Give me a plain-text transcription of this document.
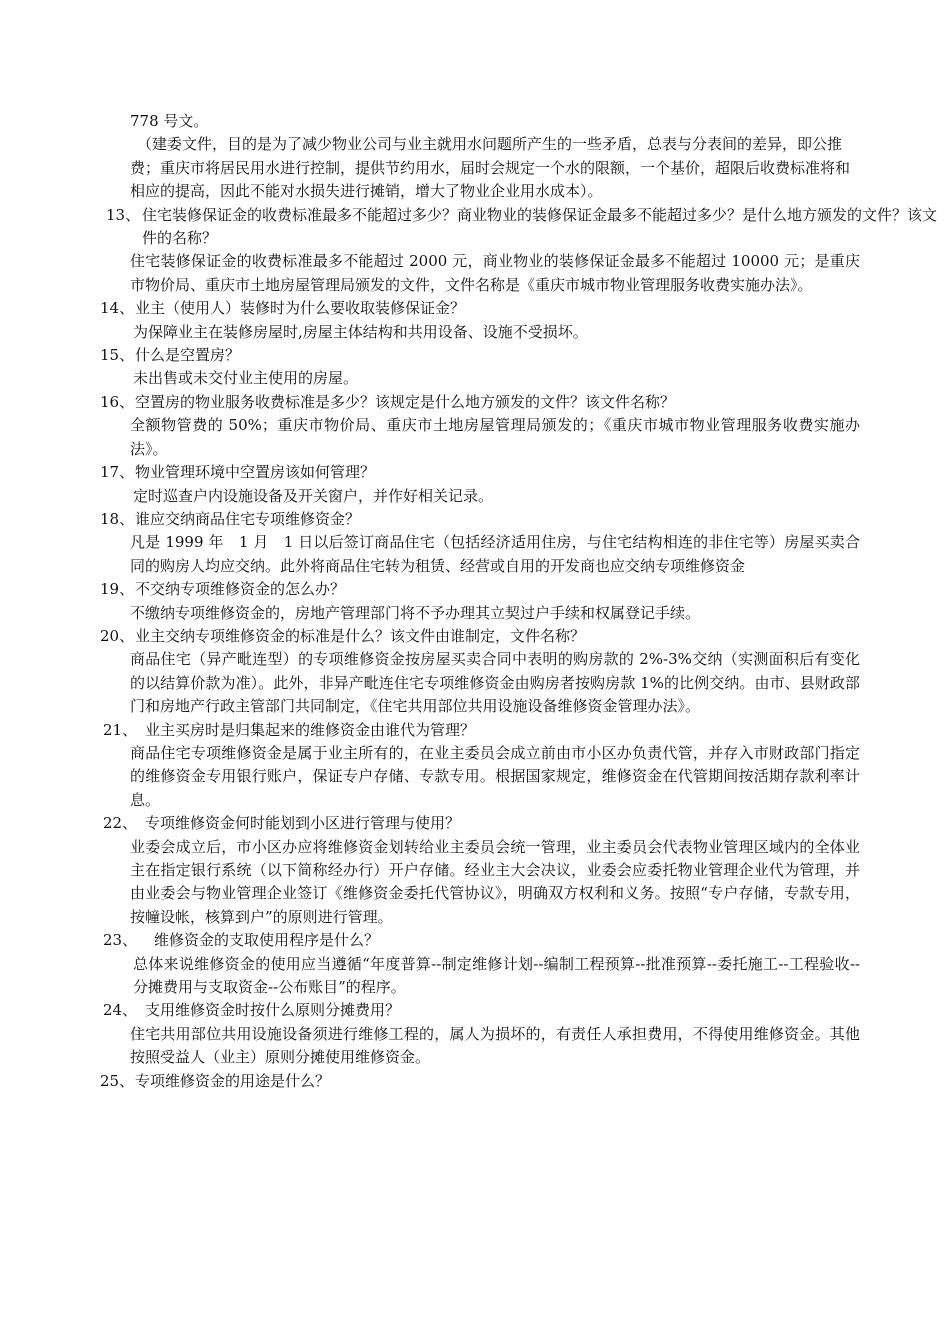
778 号文。
（建委文件，目的是为了减少物业公司与业主就用水问题所产生的一些矛盾，总表与分表间的差异，即公推费；重庆市将居民用水进行控制，提供节约用水，届时会规定一个水的限额，一个基价，超限后收费标准将和相应的提高，因此不能对水损失进行摊销，增大了物业企业用水成本）。
13、 住宅装修保证金的收费标准最多不能超过多少？商业物业的装修保证金最多不能超过多少？是什么地方颁发的文件？该文件的名称？
住宅装修保证金的收费标准最多不能超过 2000 元，商业物业的装修保证金最多不能超过 10000 元；是重庆市物价局、重庆市土地房屋管理局颁发的文件，文件名称是《重庆市城市物业管理服务收费实施办法》。
14、 业主（使用人）装修时为什么要收取装修保证金？
为保障业主在装修房屋时,房屋主体结构和共用设备、设施不受损坏。
15、 什么是空置房？
未出售或未交付业主使用的房屋。
16、 空置房的物业服务收费标准是多少？该规定是什么地方颁发的文件？该文件名称？
全额物管费的 50%；重庆市物价局、重庆市土地房屋管理局颁发的；《重庆市城市物业管理服务收费实施办法》。
17、 物业管理环境中空置房该如何管理？
定时巡查户内设施设备及开关窗户，并作好相关记录。
18、 谁应交纳商品住宅专项维修资金？
凡是 1999 年　1 月　1 日以后签订商品住宅（包括经济适用住房，与住宅结构相连的非住宅等）房屋买卖合同的购房人均应交纳。此外将商品住宅转为租赁、经营或自用的开发商也应交纳专项维修资金
19、 不交纳专项维修资金的怎么办？
不缴纳专项维修资金的，房地产管理部门将不予办理其立契过户手续和权属登记手续。
20、 业主交纳专项维修资金的标准是什么？该文件由谁制定，文件名称？
商品住宅（异产毗连型）的专项维修资金按房屋买卖合同中表明的购房款的 2%-3%交纳（实测面积后有变化的以结算价款为准）。此外，非异产毗连住宅专项维修资金由购房者按购房款 1%的比例交纳。由市、县财政部门和房地产行政主管部门共同制定，《住宅共用部位共用设施设备维修资金管理办法》。
21、 业主买房时是归集起来的维修资金由谁代为管理？
商品住宅专项维修资金是属于业主所有的，在业主委员会成立前由市小区办负责代管，并存入市财政部门指定的维修资金专用银行账户，保证专户存储、专款专用。根据国家规定，维修资金在代管期间按活期存款利率计息。
22、 专项维修资金何时能划到小区进行管理与使用？
业委会成立后，市小区办应将维修资金划转给业主委员会统一管理，业主委员会代表物业管理区域内的全体业主在指定银行系统（以下简称经办行）开户存储。经业主大会决议，业委会应委托物业管理企业代为管理，并由业委会与物业管理企业签订《维修资金委托代管协议》，明确双方权利和义务。按照“专户存储，专款专用，按幢设帐，核算到户”的原则进行管理。
23、	维修资金的支取使用程序是什么？
总体来说维修资金的使用应当遵循“年度普算--制定维修计划--编制工程预算--批准预算--委托施工--工程验收--分摊费用与支取资金--公布账目”的程序。
24、 支用维修资金时按什么原则分摊费用？
住宅共用部位共用设施设备须进行维修工程的，属人为损坏的，有责任人承担费用，不得使用维修资金。其他按照受益人（业主）原则分摊使用维修资金。
25、 专项维修资金的用途是什么？
